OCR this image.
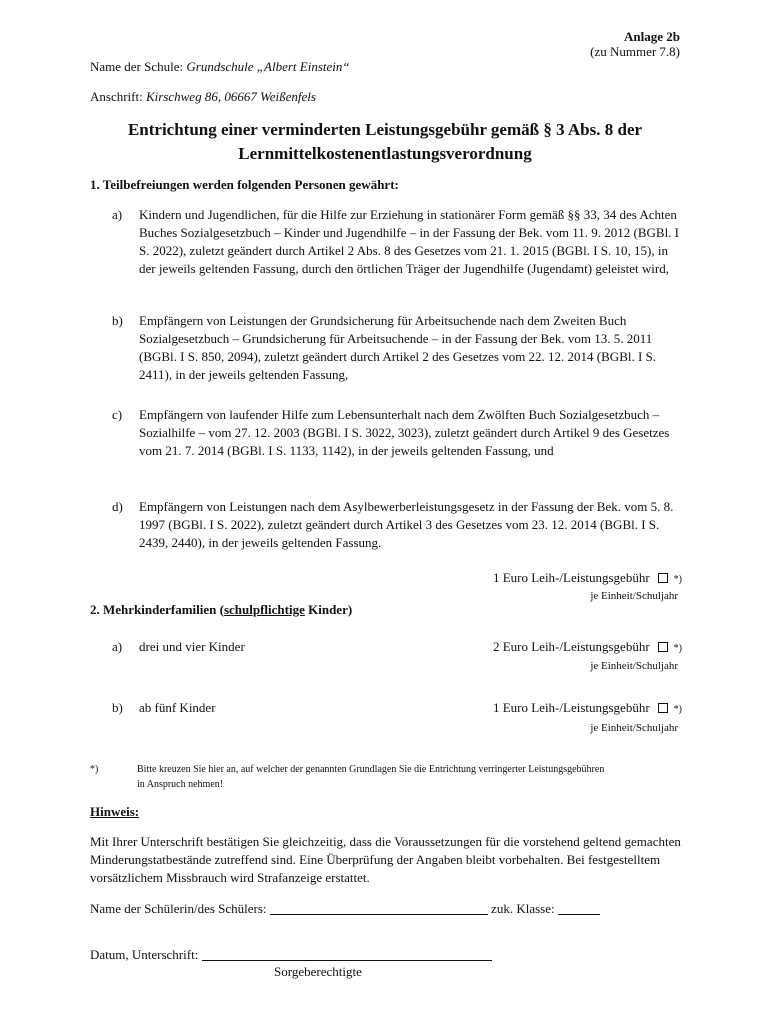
Anlage 2b
(zu Nummer 7.8)
Name der Schule: Grundschule „Albert Einstein“
Anschrift: Kirschweg 86, 06667 Weißenfels
Entrichtung einer verminderten Leistungsgebühr gemäß § 3 Abs. 8 der
Lernmittelkostenentlastungsverordnung
1. Teilbefreiungen werden folgenden Personen gewährt:
a) Kindern und Jugendlichen, für die Hilfe zur Erziehung in stationärer Form gemäß §§ 33, 34 des Achten Buches Sozialgesetzbuch – Kinder und Jugendhilfe – in der Fassung der Bek. vom 11. 9. 2012 (BGBl. I S. 2022), zuletzt geändert durch Artikel 2 Abs. 8 des Gesetzes vom 21. 1. 2015 (BGBl. I S. 10, 15), in der jeweils geltenden Fassung, durch den örtlichen Träger der Jugendhilfe (Jugendamt) geleistet wird,
b) Empfängern von Leistungen der Grundsicherung für Arbeitsuchende nach dem Zweiten Buch Sozialgesetzbuch – Grundsicherung für Arbeitsuchende – in der Fassung der Bek. vom 13. 5. 2011 (BGBl. I S. 850, 2094), zuletzt geändert durch Artikel 2 des Gesetzes vom 22. 12. 2014 (BGBl. I S. 2411), in der jeweils geltenden Fassung,
c) Empfängern von laufender Hilfe zum Lebensunterhalt nach dem Zwölften Buch Sozialgesetzbuch – Sozialhilfe – vom 27. 12. 2003 (BGBl. I S. 3022, 3023), zuletzt geändert durch Artikel 9 des Gesetzes vom 21. 7. 2014 (BGBl. I S. 1133, 1142), in der jeweils geltenden Fassung, und
d) Empfängern von Leistungen nach dem Asylbewerberleistungsgesetz in der Fassung der Bek. vom 5. 8. 1997 (BGBl. I S. 2022), zuletzt geändert durch Artikel 3 des Gesetzes vom 23. 12. 2014 (BGBl. I S. 2439, 2440), in der jeweils geltenden Fassung.
1 Euro Leih-/Leistungsgebühr *)
je Einheit/Schuljahr
2. Mehrkinderfamilien (schulpflichtige Kinder)
a) drei und vier Kinder	2 Euro Leih-/Leistungsgebühr *)
je Einheit/Schuljahr
b) ab fünf Kinder	1 Euro Leih-/Leistungsgebühr *)
je Einheit/Schuljahr
*)	Bitte kreuzen Sie hier an, auf welcher der genannten Grundlagen Sie die Entrichtung verringerter Leistungsgebühren in Anspruch nehmen!
Hinweis:
Mit Ihrer Unterschrift bestätigen Sie gleichzeitig, dass die Voraussetzungen für die vorstehend geltend gemachten Minderungstatbestände zutreffend sind. Eine Überprüfung der Angaben bleibt vorbehalten. Bei festgestelltem vorsätzlichem Missbrauch wird Strafanzeige erstattet.
Name der Schülerin/des Schülers:	zuk. Klasse:
Datum, Unterschrift:
Sorgeberechtigte
